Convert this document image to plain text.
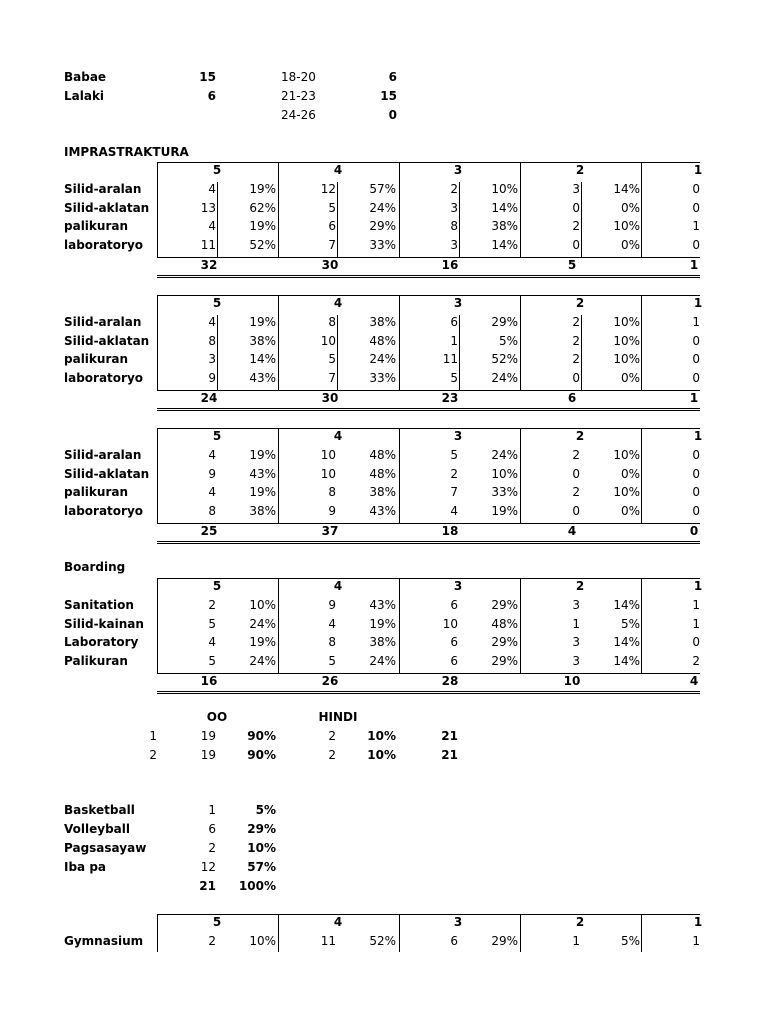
Babae	15
Lalaki	6
18-20	6
21-23	15
24-26	0
IMPRASTRAKTURA
5	4	3	2	1
Silid-aralan	4	19%	12	57%	2	10%	3	14%	0
Silid-aklatan	13	62%	5	24%	3	14%	0	0%	0
palikuran	4	19%	6	29%	8	38%	2	10%	1
laboratoryo	11	52%	7	33%	3	14%	0	0%	0
32	30	16	5	1
5	4	3	2	1
Silid-aralan	4	19%	8	38%	6	29%	2	10%	1
Silid-aklatan	8	38%	10	48%	1	5%	2	10%	0
palikuran	3	14%	5	24%	11	52%	2	10%	0
laboratoryo	9	43%	7	33%	5	24%	0	0%	0
24	30	23	6	1
5	4	3	2	1
Silid-aralan	4	19%	10	48%	5	24%	2	10%	0
Silid-aklatan	9	43%	10	48%	2	10%	0	0%	0
palikuran	4	19%	8	38%	7	33%	2	10%	0
laboratoryo	8	38%	9	43%	4	19%	0	0%	0
25	37	18	4	0
Boarding
5	4	3	2	1
Sanitation	2	10%	9	43%	6	29%	3	14%	1
Silid-kainan	5	24%	4	19%	10	48%	1	5%	1
Laboratory	4	19%	8	38%	6	29%	3	14%	0
Palikuran	5	24%	5	24%	6	29%	3	14%	2
16	26	28	10	4
OO	HINDI
1	19	90%	2	10%	21
2	19	90%	2	10%	21
Basketball	1	5%
Volleyball	6	29%
Pagsasayaw	2	10%
Iba pa	12	57%
21	100%
5	4	3	2	1
Gymnasium	2	10%	11	52%	6	29%	1	5%	1
